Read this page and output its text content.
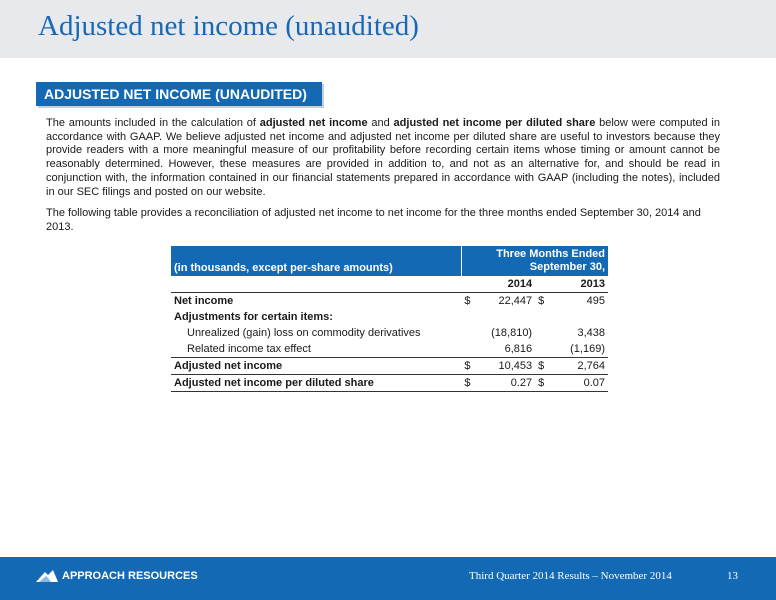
Adjusted net income (unaudited)
ADJUSTED NET INCOME (UNAUDITED)

The amounts included in the calculation of adjusted net income and adjusted net income per diluted share below were computed in accordance with GAAP. We believe adjusted net income and adjusted net income per diluted share are useful to investors because they provide readers with a more meaningful measure of our profitability before recording certain items whose timing or amount cannot be reasonably determined. However, these measures are provided in addition to, and not as an alternative for, and should be read in conjunction with, the information contained in our financial statements prepared in accordance with GAAP (including the notes), included in our SEC filings and posted on our website.

The following table provides a reconciliation of adjusted net income to net income for the three months ended September 30, 2014 and 2013.

(in thousands, except per-share amounts)	Three Months Ended
September 30,			
	2014		2013	
Net income	$	22,447	$	495
Adjustments for certain items:				
Unrealized (gain) loss on commodity derivatives		(18,810)		3,438
Related income tax effect		6,816		(1,169)
Adjusted net income	$	10,453	$	2,764
Adjusted net income per diluted share	$	0.27	$	0.07
APPROACH RESOURCES	Third Quarter 2014 Results – November 2014	13
